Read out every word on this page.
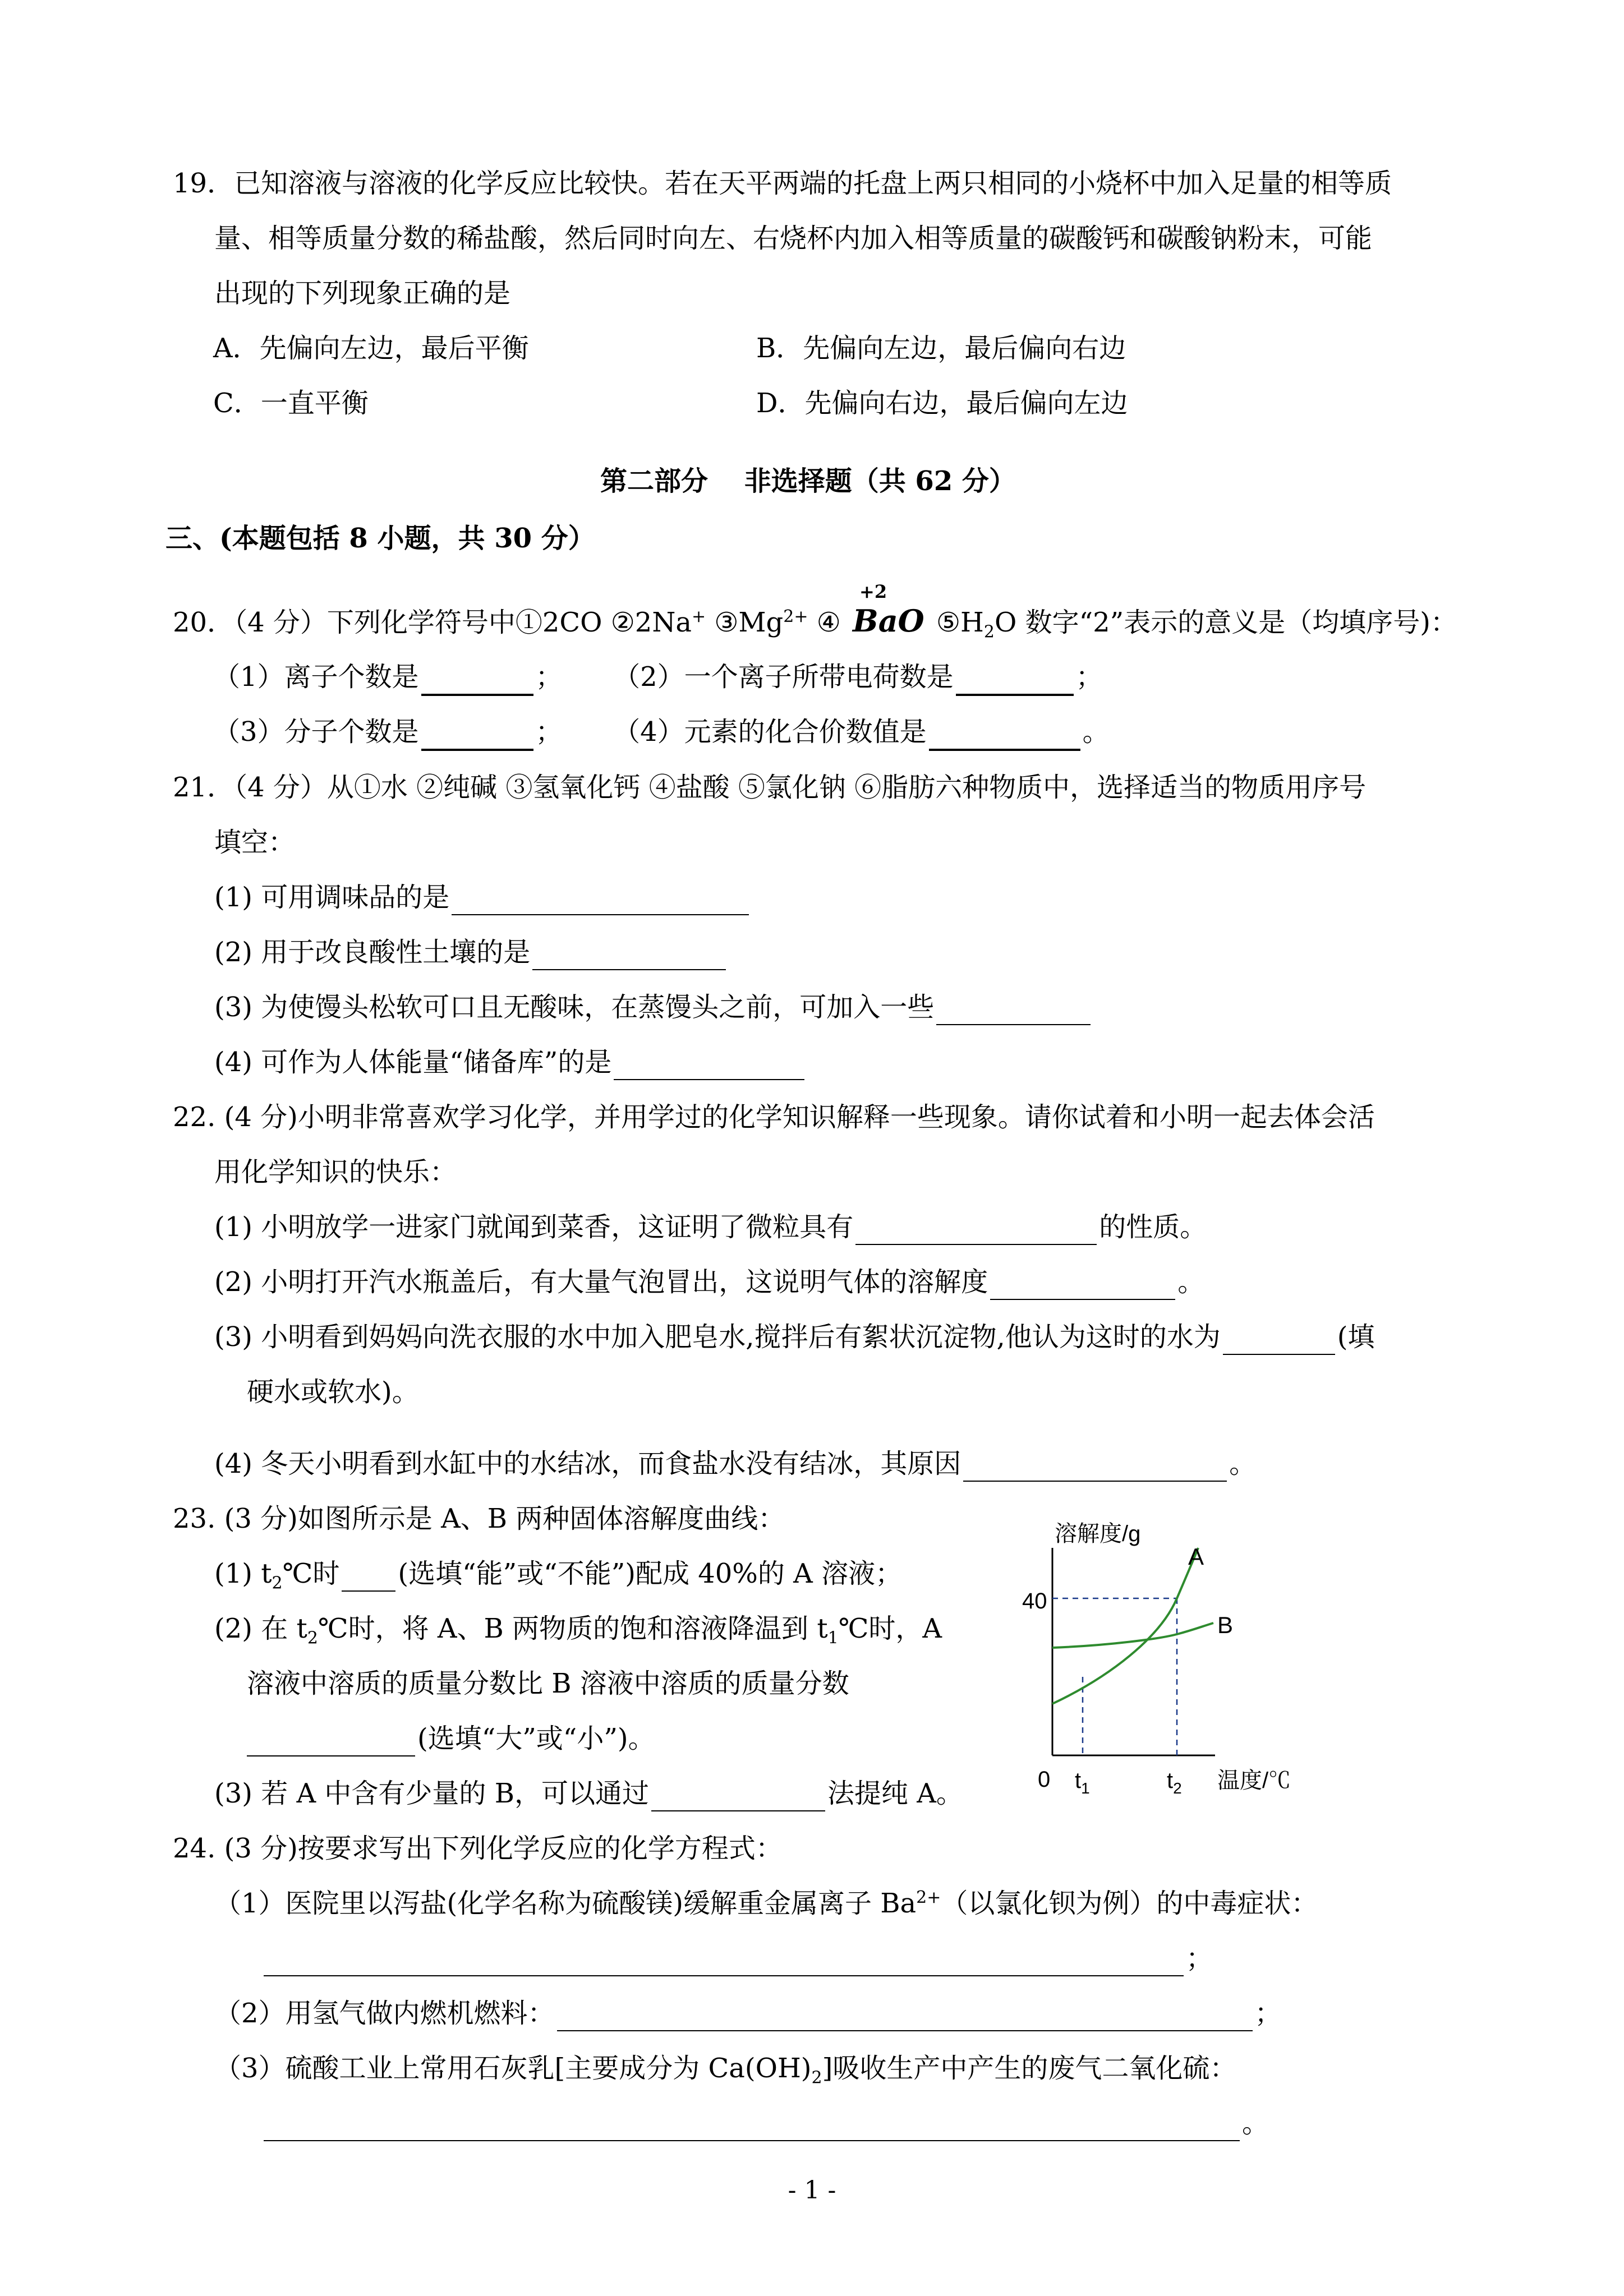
19．已知溶液与溶液的化学反应比较快。若在天平两端的托盘上两只相同的小烧杯中加入足量的相等质
量、相等质量分数的稀盐酸，然后同时向左、右烧杯内加入相等质量的碳酸钙和碳酸钠粉末，可能
出现的下列现象正确的是
A．先偏向左边，最后平衡	B．先偏向左边，最后偏向右边
C．一直平衡	D．先偏向右边，最后偏向左边
第二部分　 非选择题（共 62 分）
三、(本题包括 8 小题，共 30 分）
20．（4 分）下列化学符号中①2CO ②2Na+ $③Mg^{2+}$ ④
+2
BaO $⑤H_2O$ 数字“2”表示的意义是（均填序号)：
（1）离子个数是	； （2）一个离子所带电荷数是	；
（3）分子个数是	； （4）元素的化合价数值是	。
21．（4 分）从①水 ②纯碱 ③氢氧化钙 ④盐酸 ⑤氯化钠 ⑥脂肪六种物质中，选择适当的物质用序号
填空：
(1) 可用调味品的是
(2) 用于改良酸性土壤的是
(3) 为使馒头松软可口且无酸味，在蒸馒头之前，可加入一些
(4) 可作为人体能量“储备库”的是
22. (4 分)小明非常喜欢学习化学，并用学过的化学知识解释一些现象。请你试着和小明一起去体会活
用化学知识的快乐：
(1) 小明放学一进家门就闻到菜香，这证明了微粒具有	的性质。
(2) 小明打开汽水瓶盖后，有大量气泡冒出，这说明气体的溶解度	。
(3) 小明看到妈妈向洗衣服的水中加入肥皂水,搅拌后有絮状沉淀物,他认为这时的水为	(填
硬水或软水)。
(4) 冬天小明看到水缸中的水结冰，而食盐水没有结冰，其原因	。
23. (3 分)如图所示是 A、B 两种固体溶解度曲线：
(1) $t_2℃$时 (选填“能”或“不能”)配成 40%的 A 溶液；
(2) 在 $t_2℃$时，将 A、B 两物质的饱和溶液降温到 $t_1℃$时，A
溶液中溶质的质量分数比 B 溶液中溶质的质量分数
(选填“大”或“小”)。
(3) 若 A 中含有少量的 B，可以通过	法提纯 A。
溶解度/g
A
B
40
0 $t_1$	$t_2$ 温度/℃
24. (3 分)按要求写出下列化学反应的化学方程式：
（1）医院里以泻盐(化学名称为硫酸镁)缓解重金属离子 $Ba^{2+}$（以氯化钡为例）的中毒症状：
；
（2）用氢气做内燃机燃料：	；
（3）硫酸工业上常用石灰乳[主要成分为 $Ca(OH)_2$]吸收生产中产生的废气二氧化硫：
。
- 1 -
